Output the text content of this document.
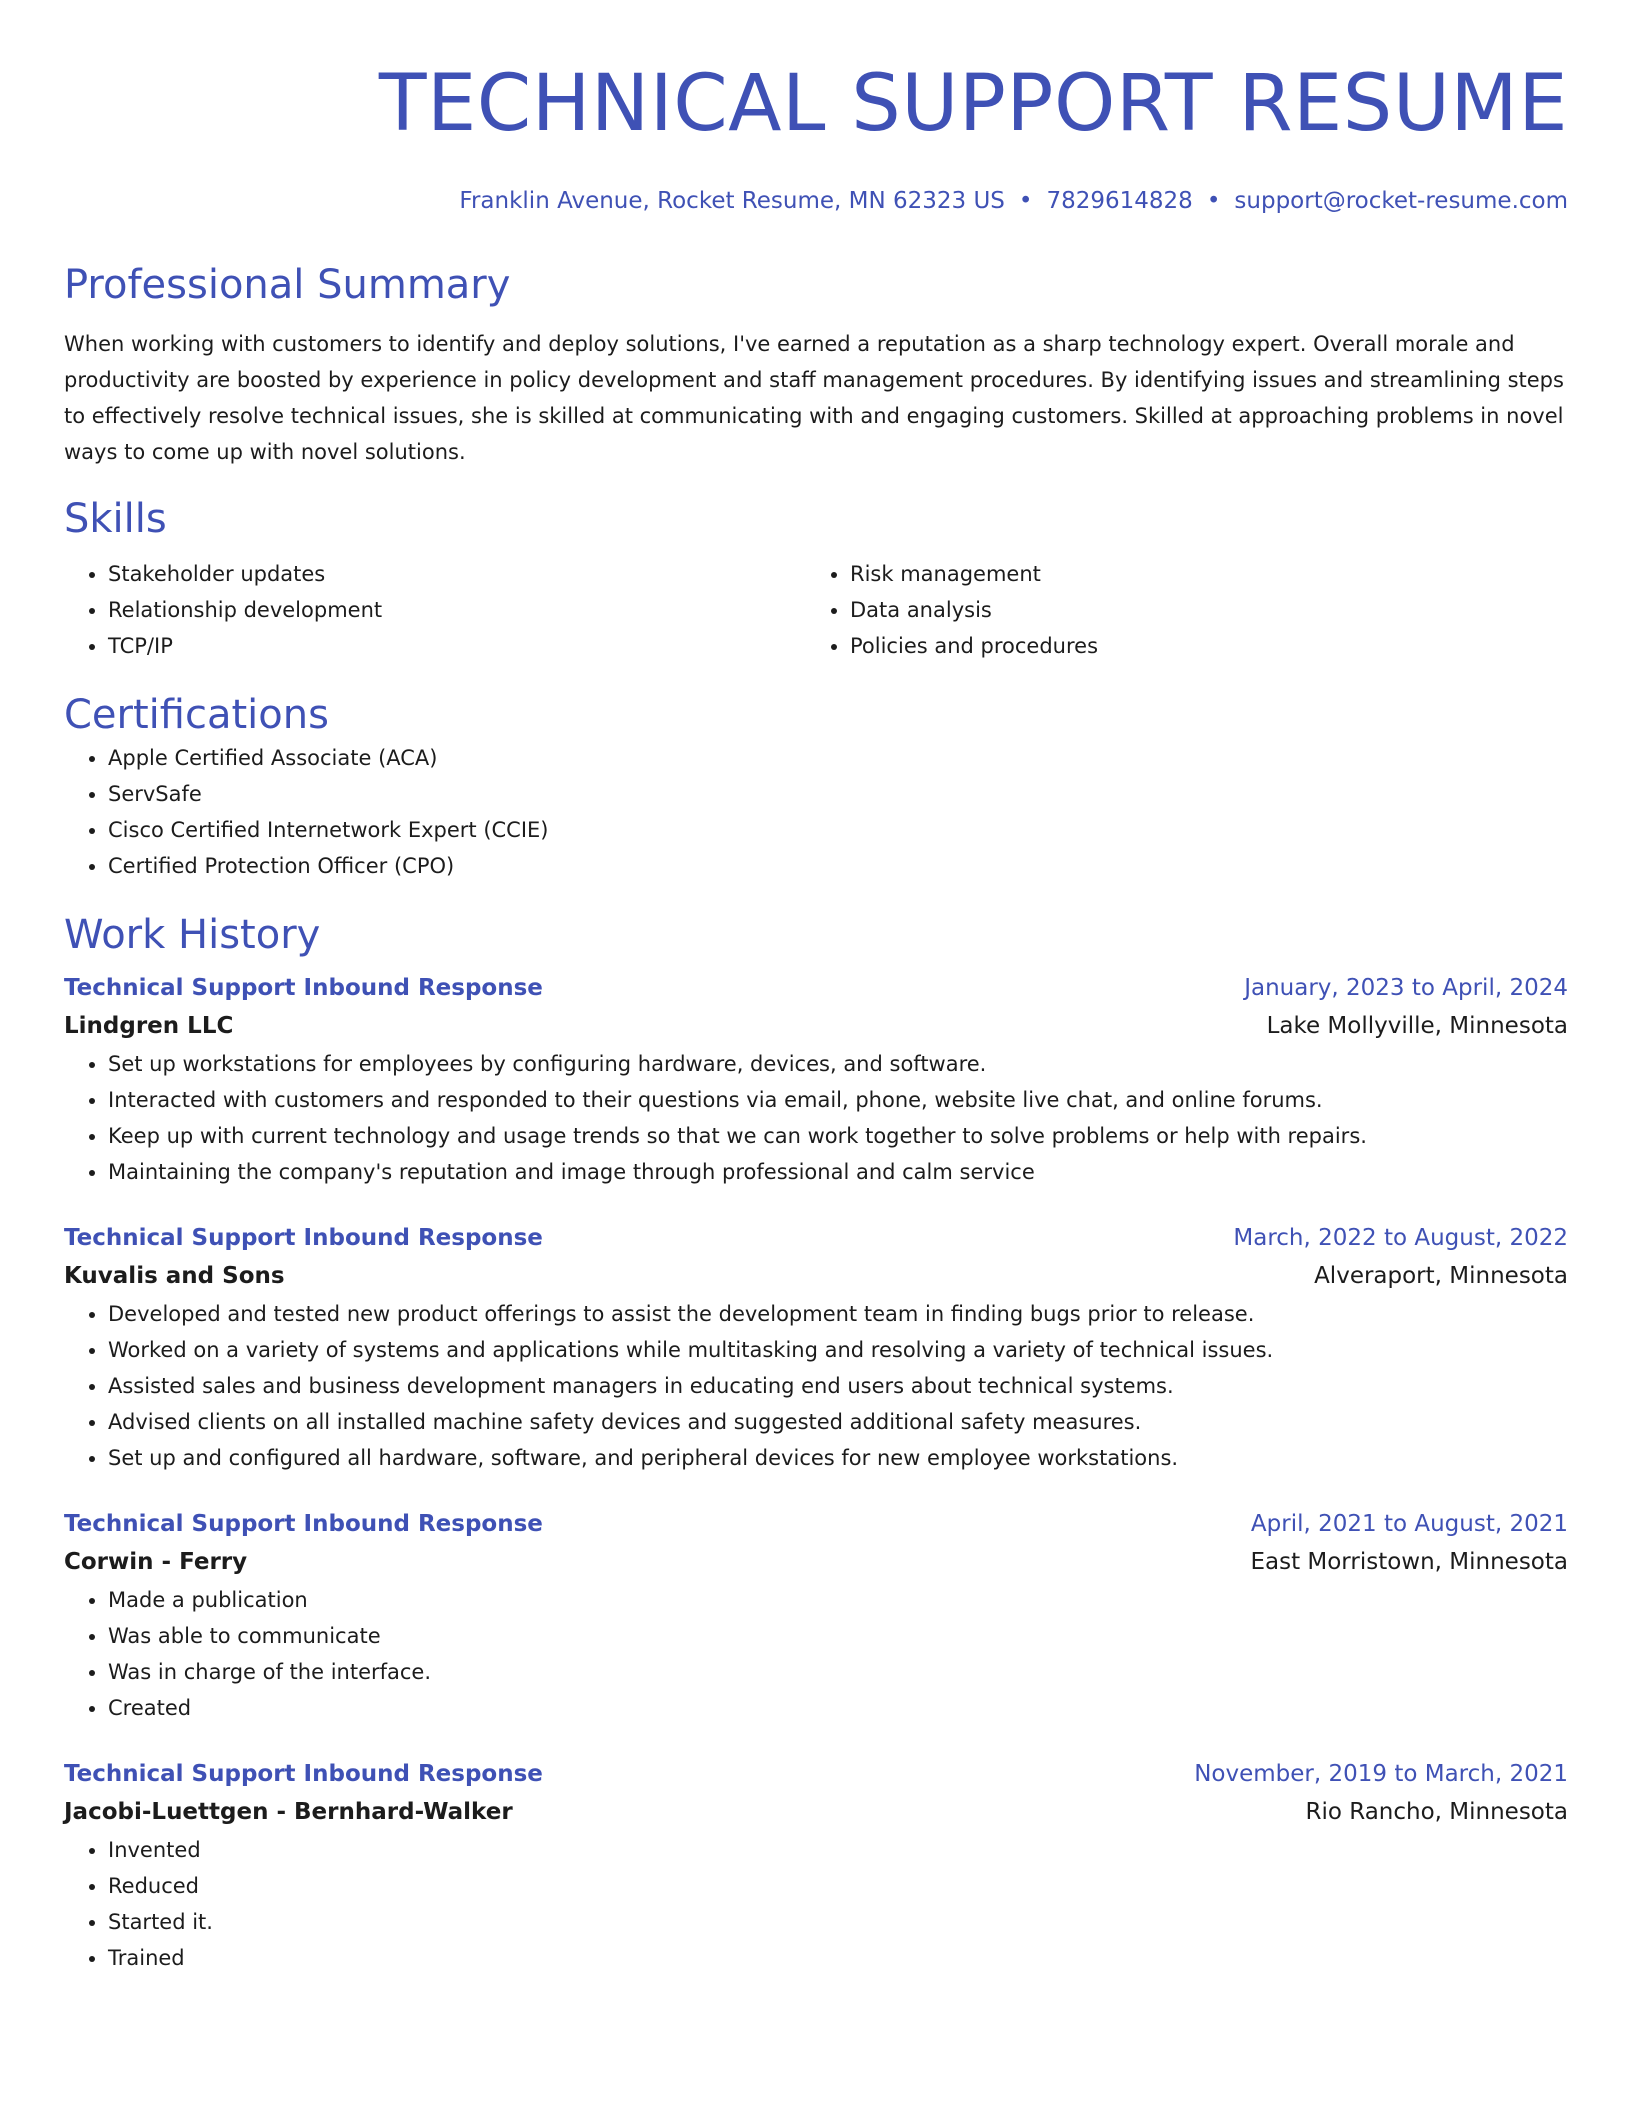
TECHNICAL SUPPORT RESUME
Franklin Avenue, Rocket Resume, MN 62323 US • 7829614828 • support@rocket-resume.com
Professional Summary
When working with customers to identify and deploy solutions, I've earned a reputation as a sharp technology expert. Overall morale and productivity are boosted by experience in policy development and staff management procedures. By identifying issues and streamlining steps to effectively resolve technical issues, she is skilled at communicating with and engaging customers. Skilled at approaching problems in novel ways to come up with novel solutions.
Skills
• Stakeholder updates
• Relationship development
• TCP/IP
• Risk management
• Data analysis
• Policies and procedures
Certifications
• Apple Certified Associate (ACA)
• ServSafe
• Cisco Certified Internetwork Expert (CCIE)
• Certified Protection Officer (CPO)
Work History
Technical Support Inbound Response	January, 2023 to April, 2024
Lindgren LLC	Lake Mollyville, Minnesota
• Set up workstations for employees by configuring hardware, devices, and software.
• Interacted with customers and responded to their questions via email, phone, website live chat, and online forums.
• Keep up with current technology and usage trends so that we can work together to solve problems or help with repairs.
• Maintaining the company's reputation and image through professional and calm service
Technical Support Inbound Response	March, 2022 to August, 2022
Kuvalis and Sons	Alveraport, Minnesota
• Developed and tested new product offerings to assist the development team in finding bugs prior to release.
• Worked on a variety of systems and applications while multitasking and resolving a variety of technical issues.
• Assisted sales and business development managers in educating end users about technical systems.
• Advised clients on all installed machine safety devices and suggested additional safety measures.
• Set up and configured all hardware, software, and peripheral devices for new employee workstations.
Technical Support Inbound Response	April, 2021 to August, 2021
Corwin - Ferry	East Morristown, Minnesota
• Made a publication
• Was able to communicate
• Was in charge of the interface.
• Created
Technical Support Inbound Response	November, 2019 to March, 2021
Jacobi-Luettgen - Bernhard-Walker	Rio Rancho, Minnesota
• Invented
• Reduced
• Started it.
• Trained
